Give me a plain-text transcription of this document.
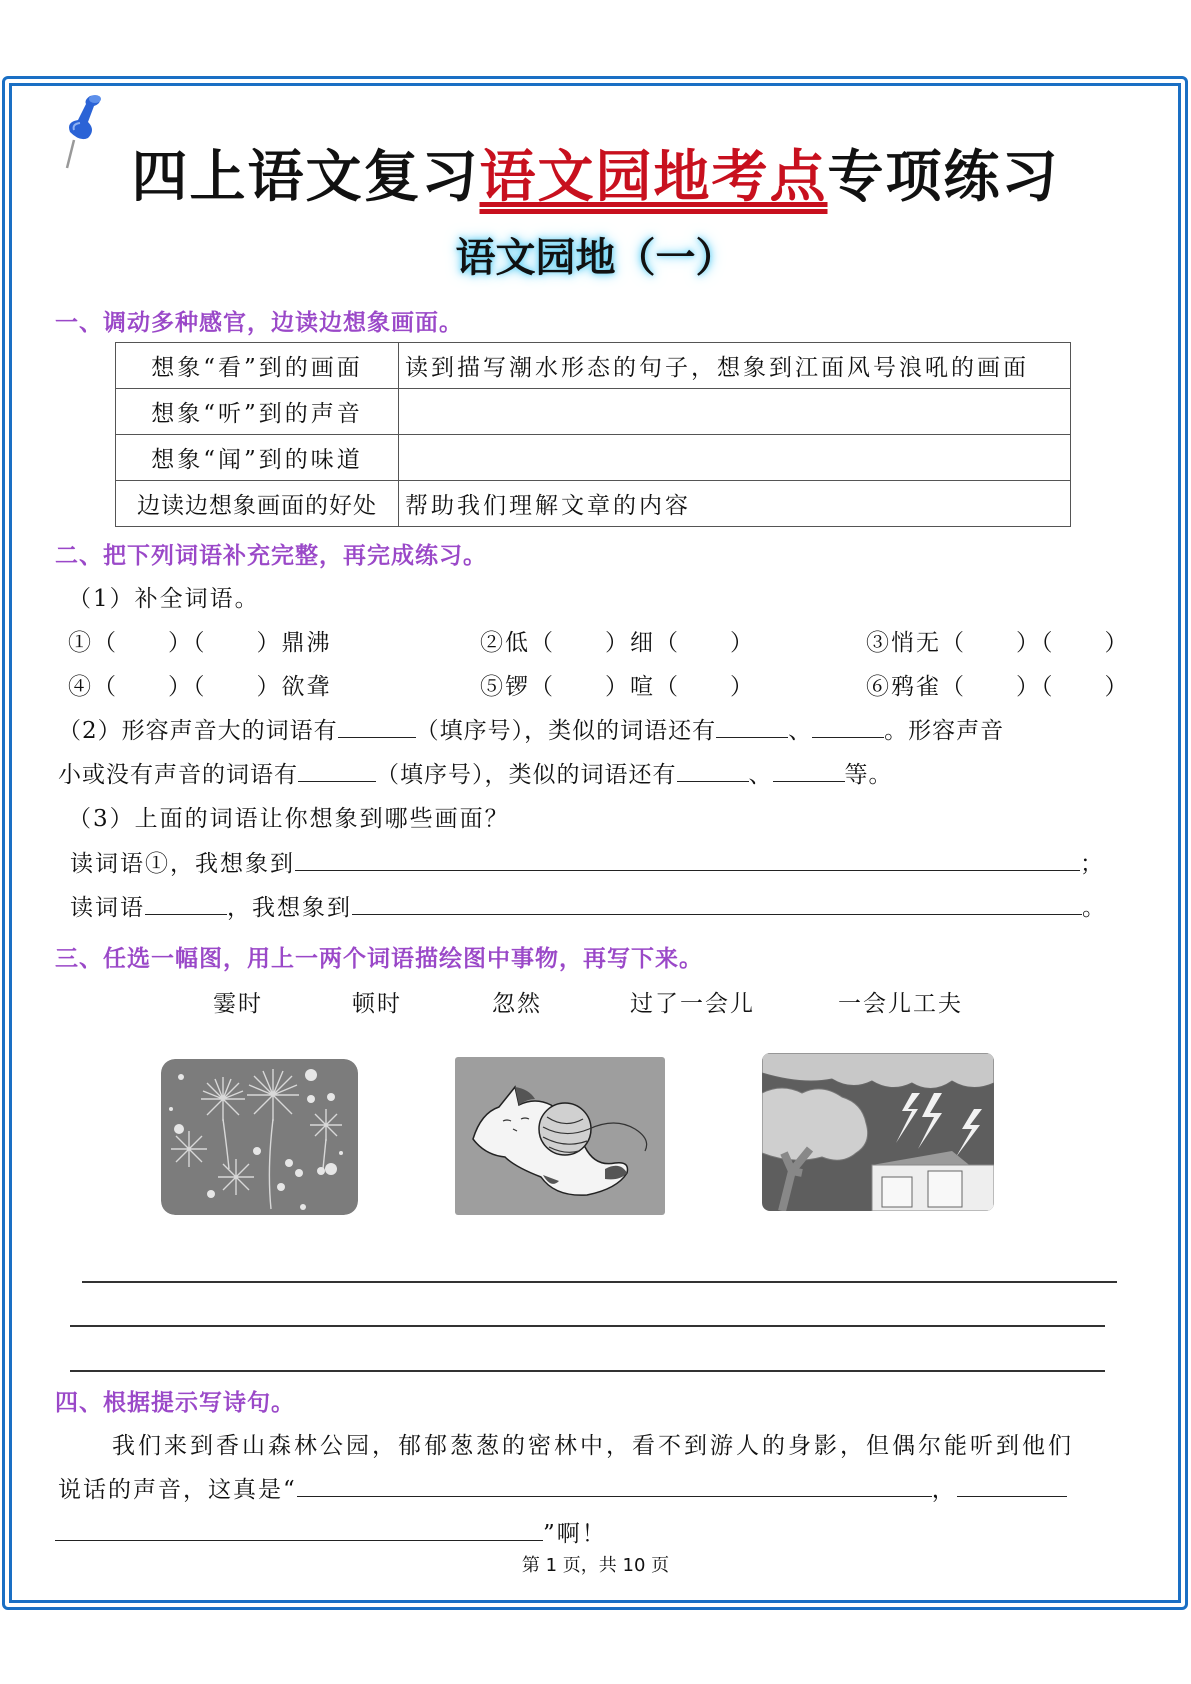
四上语文复习语文园地考点专项练习
语文园地（一）
一、调动多种感官，边读边想象画面。
想象“看”到的画面	读到描写潮水形态的句子，想象到江面风号浪吼的画面
想象“听”到的声音	
想象“闻”到的味道	
边读边想象画面的好处	帮助我们理解文章的内容
二、把下列词语补充完整，再完成练习。
（1）补全词语。
①（　　）（　　）鼎沸	②低（　　）细（　　）	③悄无（　　）（　　）
④（　　）（　　）欲聋	⑤锣（　　）喧（　　）	⑥鸦雀（　　）（　　）
（2）形容声音大的词语有	（填序号），类似的词语还有	、	。形容声音
小或没有声音的词语有	（填序号），类似的词语还有	、	等。
（3）上面的词语让你想象到哪些画面？
读词语①，我想象到	；
读词语	，我想象到	。
三、任选一幅图，用上一两个词语描绘图中事物，再写下来。
霎时	顿时	忽然	过了一会儿	一会儿工夫
四、根据提示写诗句。
我们来到香山森林公园，郁郁葱葱的密林中，看不到游人的身影，但偶尔能听到他们
说话的声音，这真是“	，
”啊！
第 1 页，共 10 页
